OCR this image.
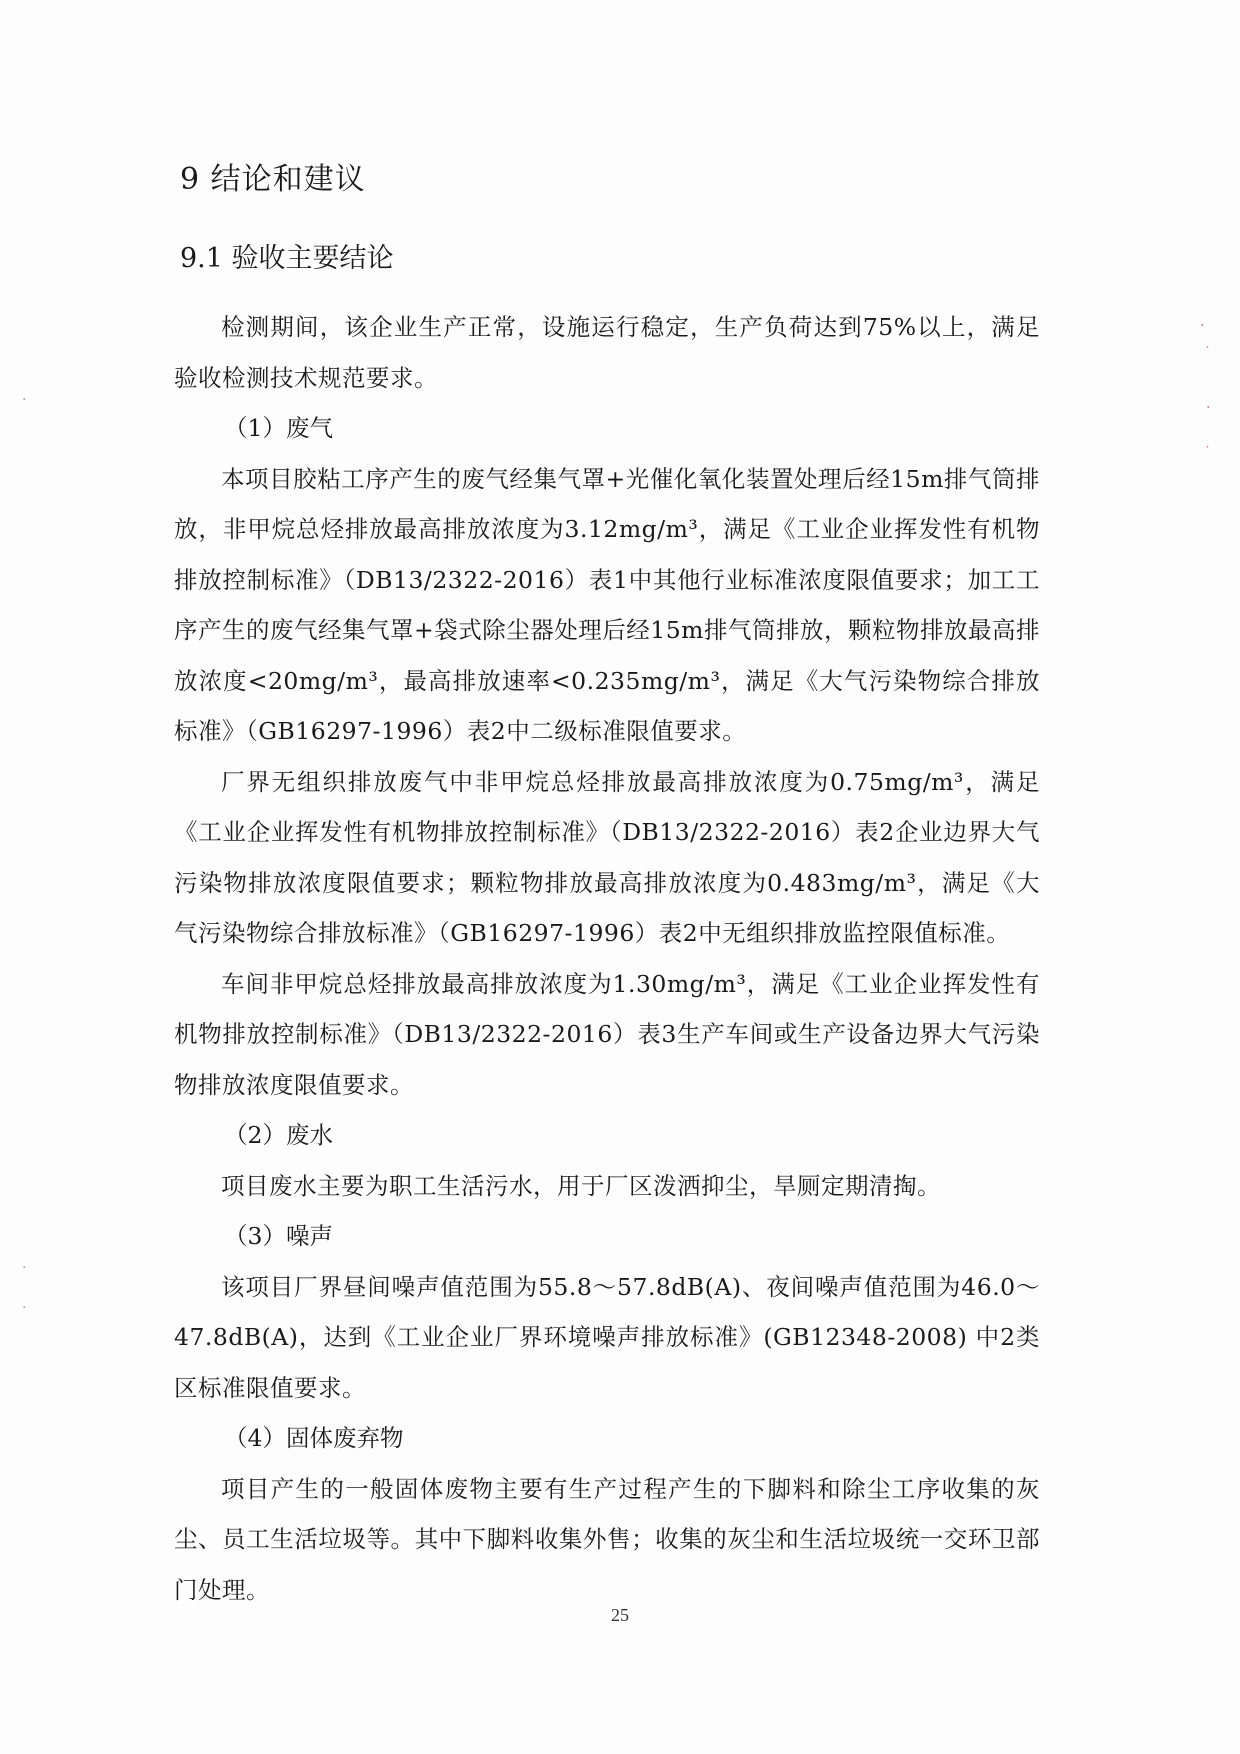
·
˙
·
˙
·
·
·
9 结论和建议
9.1 验收主要结论

检测期间，该企业生产正常，设施运行稳定，生产负荷达到75%以上，满足验收检测技术规范要求。

（1）废气

本项目胶粘工序产生的废气经集气罩+光催化氧化装置处理后经15m排气筒排放，非甲烷总烃排放最高排放浓度为3.12mg/m³，满足《工业企业挥发性有机物排放控制标准》（DB13/2322-2016）表1中其他行业标准浓度限值要求；加工工序产生的废气经集气罩+袋式除尘器处理后经15m排气筒排放，颗粒物排放最高排放浓度<20mg/m³，最高排放速率<0.235mg/m³，满足《大气污染物综合排放标准》（GB16297-1996）表2中二级标准限值要求。

厂界无组织排放废气中非甲烷总烃排放最高排放浓度为0.75mg/m³，满足《工业企业挥发性有机物排放控制标准》（DB13/2322-2016）表2企业边界大气污染物排放浓度限值要求；颗粒物排放最高排放浓度为0.483mg/m³，满足《大气污染物综合排放标准》（GB16297-1996）表2中无组织排放监控限值标准。

车间非甲烷总烃排放最高排放浓度为1.30mg/m³，满足《工业企业挥发性有机物排放控制标准》（DB13/2322-2016）表3生产车间或生产设备边界大气污染物排放浓度限值要求。

（2）废水

项目废水主要为职工生活污水，用于厂区泼洒抑尘，旱厕定期清掏。

（3）噪声

该项目厂界昼间噪声值范围为55.8～57.8dB(A)、夜间噪声值范围为46.0～47.8dB(A)，达到《工业企业厂界环境噪声排放标准》(GB12348-2008) 中2类区标准限值要求。

（4）固体废弃物

项目产生的一般固体废物主要有生产过程产生的下脚料和除尘工序收集的灰尘、员工生活垃圾等。其中下脚料收集外售；收集的灰尘和生活垃圾统一交环卫部门处理。

25
